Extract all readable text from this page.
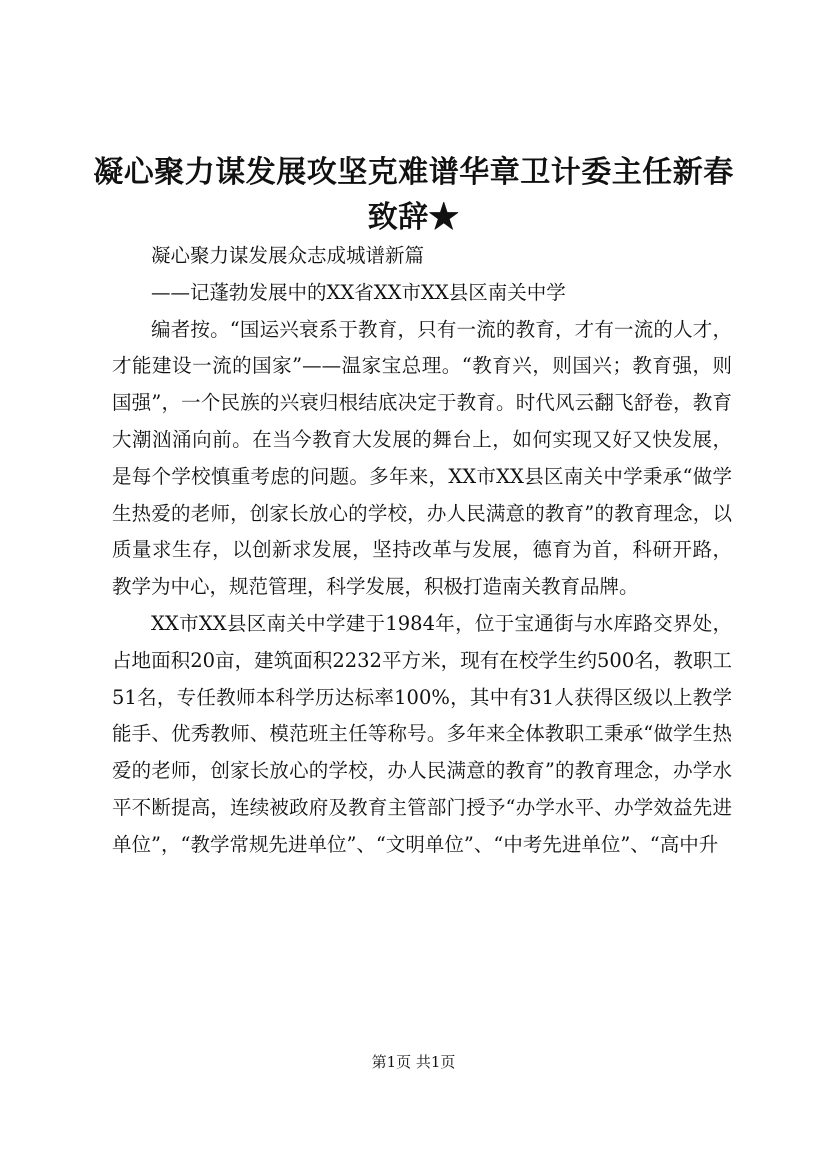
凝心聚力谋发展攻坚克难谱华章卫计委主任新春致辞★

凝心聚力谋发展众志成城谱新篇

——记蓬勃发展中的XX省XX市XX县区南关中学

编者按。“国运兴衰系于教育，只有一流的教育，才有一流的人才，才能建设一流的国家”——温家宝总理。“教育兴，则国兴；教育强，则国强”，一个民族的兴衰归根结底决定于教育。时代风云翻飞舒卷，教育大潮汹涌向前。在当今教育大发展的舞台上，如何实现又好又快发展，是每个学校慎重考虑的问题。多年来，XX市XX县区南关中学秉承“做学生热爱的老师，创家长放心的学校，办人民满意的教育”的教育理念，以质量求生存，以创新求发展，坚持改革与发展，德育为首，科研开路，教学为中心，规范管理，科学发展，积极打造南关教育品牌。

XX市XX县区南关中学建于1984年，位于宝通街与水库路交界处，占地面积20亩，建筑面积2232平方米，现有在校学生约500名，教职工51名，专任教师本科学历达标率100%，其中有31人获得区级以上教学能手、优秀教师、模范班主任等称号。多年来全体教职工秉承“做学生热爱的老师，创家长放心的学校，办人民满意的教育”的教育理念，办学水平不断提高，连续被政府及教育主管部门授予“办学水平、办学效益先进单位”，“教学常规先进单位”、“文明单位”、“中考先进单位”、“高中升

第1页 共1页
